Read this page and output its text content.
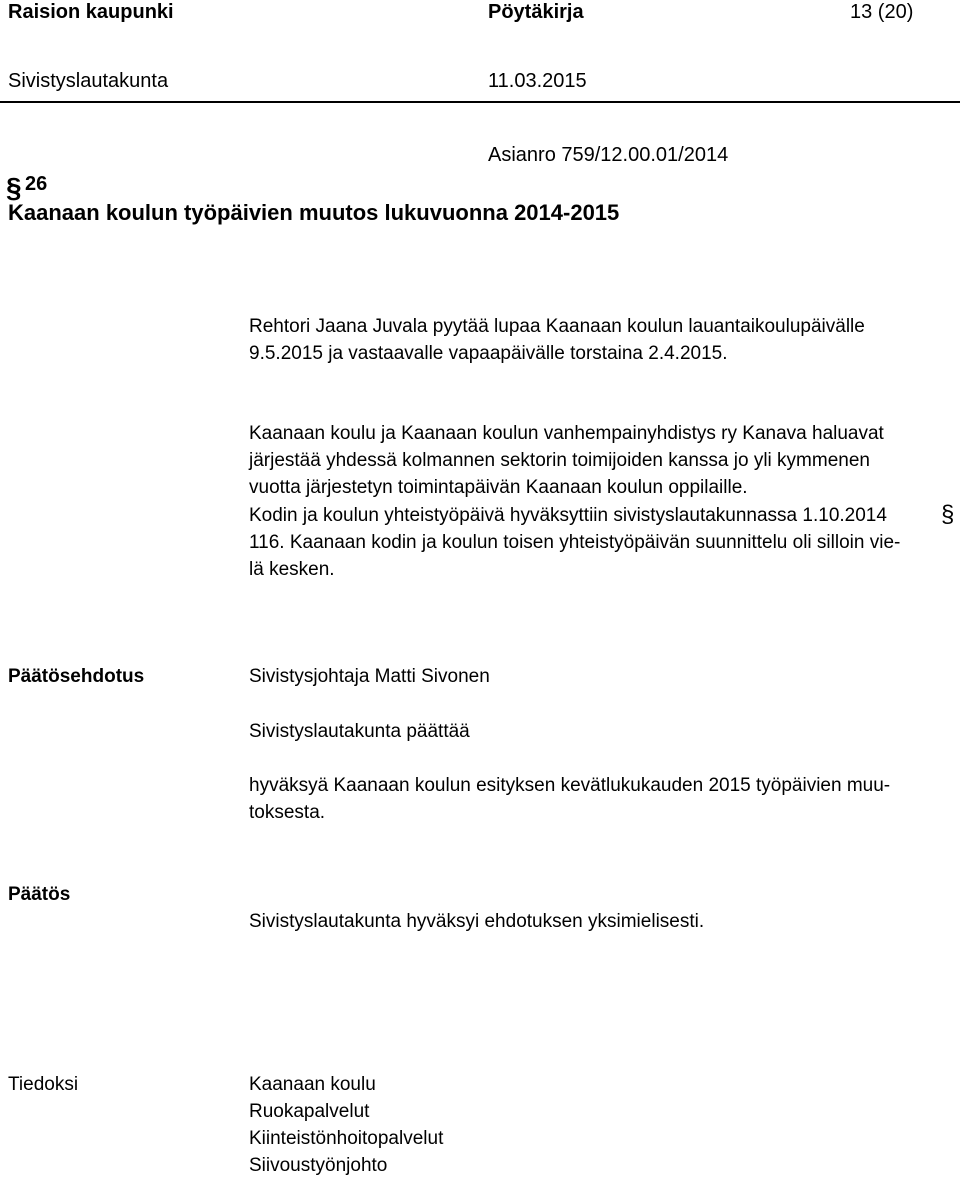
Raision kaupunki	Pöytäkirja	13 (20)
Sivistyslautakunta	11.03.2015
Asianro 759/12.00.01/2014
§ 26
Kaanaan koulun työpäivien muutos lukuvuonna 2014-2015
Rehtori Jaana Juvala pyytää lupaa Kaanaan koulun lauantaikoulupäivälle
9.5.2015 ja vastaavalle vapaapäivälle torstaina 2.4.2015.
Kaanaan koulu ja Kaanaan koulun vanhempainyhdistys ry Kanava haluavat
järjestää yhdessä kolmannen sektorin toimijoiden kanssa jo yli kymmenen
vuotta järjestetyn toimintapäivän Kaanaan koulun oppilaille.
Kodin ja koulun yhteistyöpäivä hyväksyttiin sivistyslautakunnassa 1.10.2014
116. Kaanaan kodin ja koulun toisen yhteistyöpäivän suunnittelu oli silloin vie-
lä kesken.
§
Päätösehdotus	Sivistysjohtaja Matti Sivonen
Sivistyslautakunta päättää
hyväksyä Kaanaan koulun esityksen kevätlukukauden 2015 työpäivien muu-
toksesta.
Päätös
Sivistyslautakunta hyväksyi ehdotuksen yksimielisesti.
Tiedoksi	Kaanaan koulu
Ruokapalvelut
Kiinteistönhoitopalvelut
Siivoustyönjohto
